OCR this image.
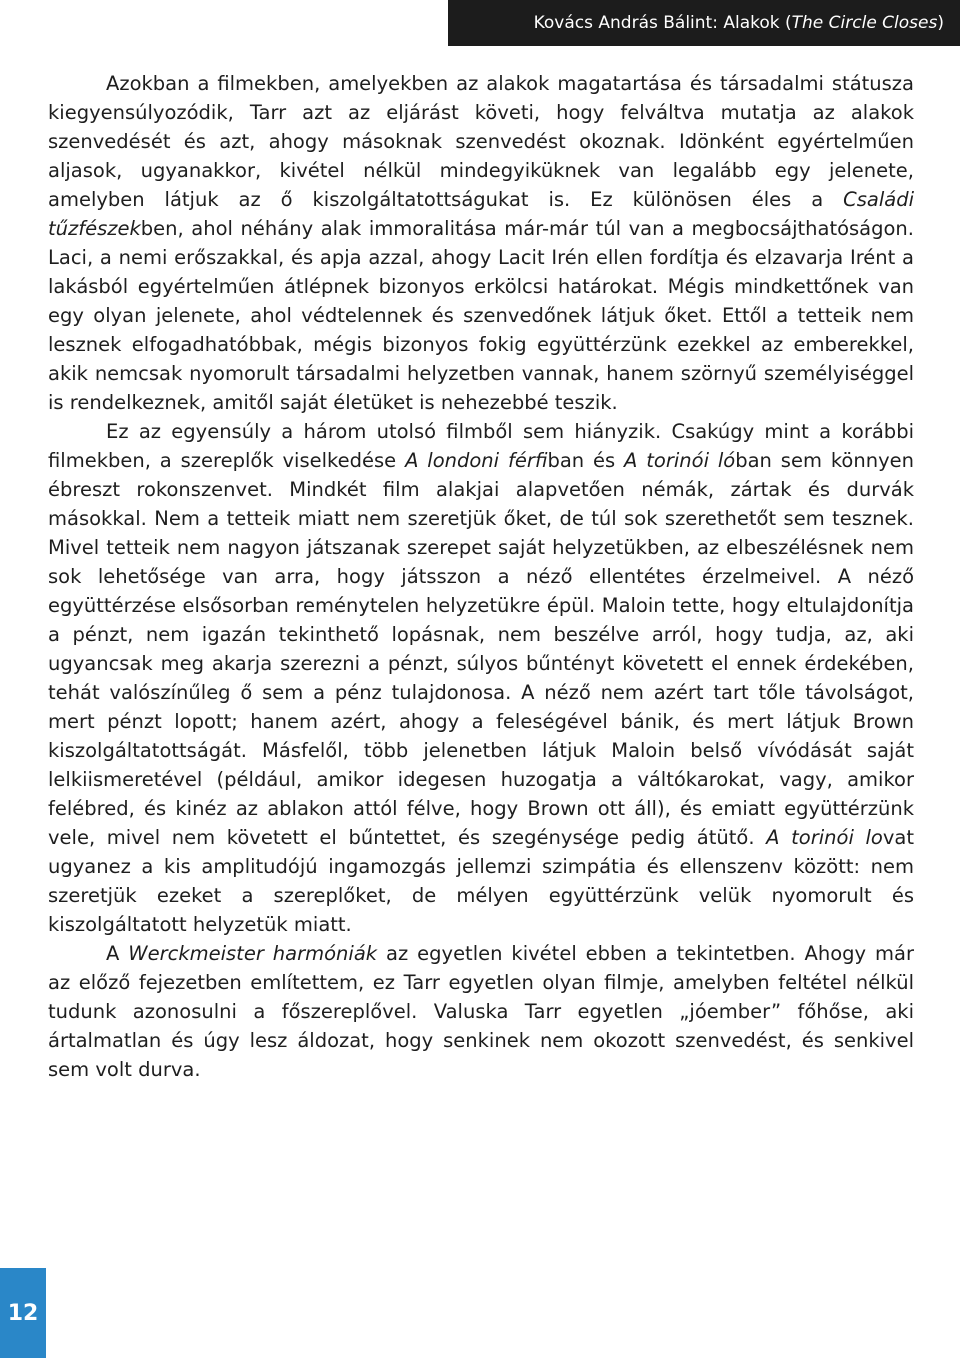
Kovács András Bálint: Alakok ( The Circle Closes )

Azokban a filmekben, amelyekben az alakok magatartása és társadalmi státusza kiegyensúlyozódik, Tarr azt az eljárást követi, hogy felváltva mutatja az alakok szenvedését és azt, ahogy másoknak szenvedést okoznak. Idönként egyértelműen aljasok, ugyanakkor, kivétel nélkül mindegyiküknek van legalább egy jelenete, amelyben látjuk az ő kiszolgáltatottságukat is. Ez különösen éles a Családi tűzfészekben, ahol néhány alak immoralitása már-már túl van a megbocsájthatóságon. Laci, a nemi erőszakkal, és apja azzal, ahogy Lacit Irén ellen fordítja és elzavarja Irént a lakásból egyértelműen átlépnek bizonyos erkölcsi határokat. Mégis mindkettőnek van egy olyan jelenete, ahol védtelennek és szenvedőnek látjuk őket. Ettől a tetteik nem lesznek elfogadhatóbbak, mégis bizonyos fokig együttérzünk ezekkel az emberekkel, akik nemcsak nyomorult társadalmi helyzetben vannak, hanem szörnyű személyiséggel is rendelkeznek, amitől saját életüket is nehezebbé teszik.

Ez az egyensúly a három utolsó filmből sem hiányzik. Csakúgy mint a korábbi filmekben, a szereplők viselkedése A londoni férfiban és A torinói lóban sem könnyen ébreszt rokonszenvet. Mindkét film alakjai alapvetően némák, zártak és durvák másokkal. Nem a tetteik miatt nem szeretjük őket, de túl sok szerethetőt sem tesznek. Mivel tetteik nem nagyon játszanak szerepet saját helyzetükben, az elbeszélésnek nem sok lehetősége van arra, hogy játsszon a néző ellentétes érzelmeivel. A néző együttérzése elsősorban reménytelen helyzetükre épül. Maloin tette, hogy eltulajdonítja a pénzt, nem igazán tekinthető lopásnak, nem beszélve arról, hogy tudja, az, aki ugyancsak meg akarja szerezni a pénzt, súlyos bűntényt követett el ennek érdekében, tehát valószínűleg ő sem a pénz tulajdonosa. A néző nem azért tart tőle távolságot, mert pénzt lopott; hanem azért, ahogy a feleségével bánik, és mert látjuk Brown kiszolgáltatottságát. Másfelől, több jelenetben látjuk Maloin belső vívódását saját lelkiismeretével (például, amikor idegesen huzogatja a váltókarokat, vagy, amikor felébred, és kinéz az ablakon attól félve, hogy Brown ott áll), és emiatt együttérzünk vele, mivel nem követett el bűntettet, és szegénysége pedig átütő. A torinói lovat ugyanez a kis amplitudójú ingamozgás jellemzi szimpátia és ellenszenv között: nem szeretjük ezeket a szereplőket, de mélyen együttérzünk velük nyomorult és kiszolgáltatott helyzetük miatt.

A Werckmeister harmóniák az egyetlen kivétel ebben a tekintetben. Ahogy már az előző fejezetben említettem, ez Tarr egyetlen olyan filmje, amelyben feltétel nélkül tudunk azonosulni a főszereplővel. Valuska Tarr egyetlen „jóember” főhőse, aki ártalmatlan és úgy lesz áldozat, hogy senkinek nem okozott szenvedést, és senkivel sem volt durva.

12
